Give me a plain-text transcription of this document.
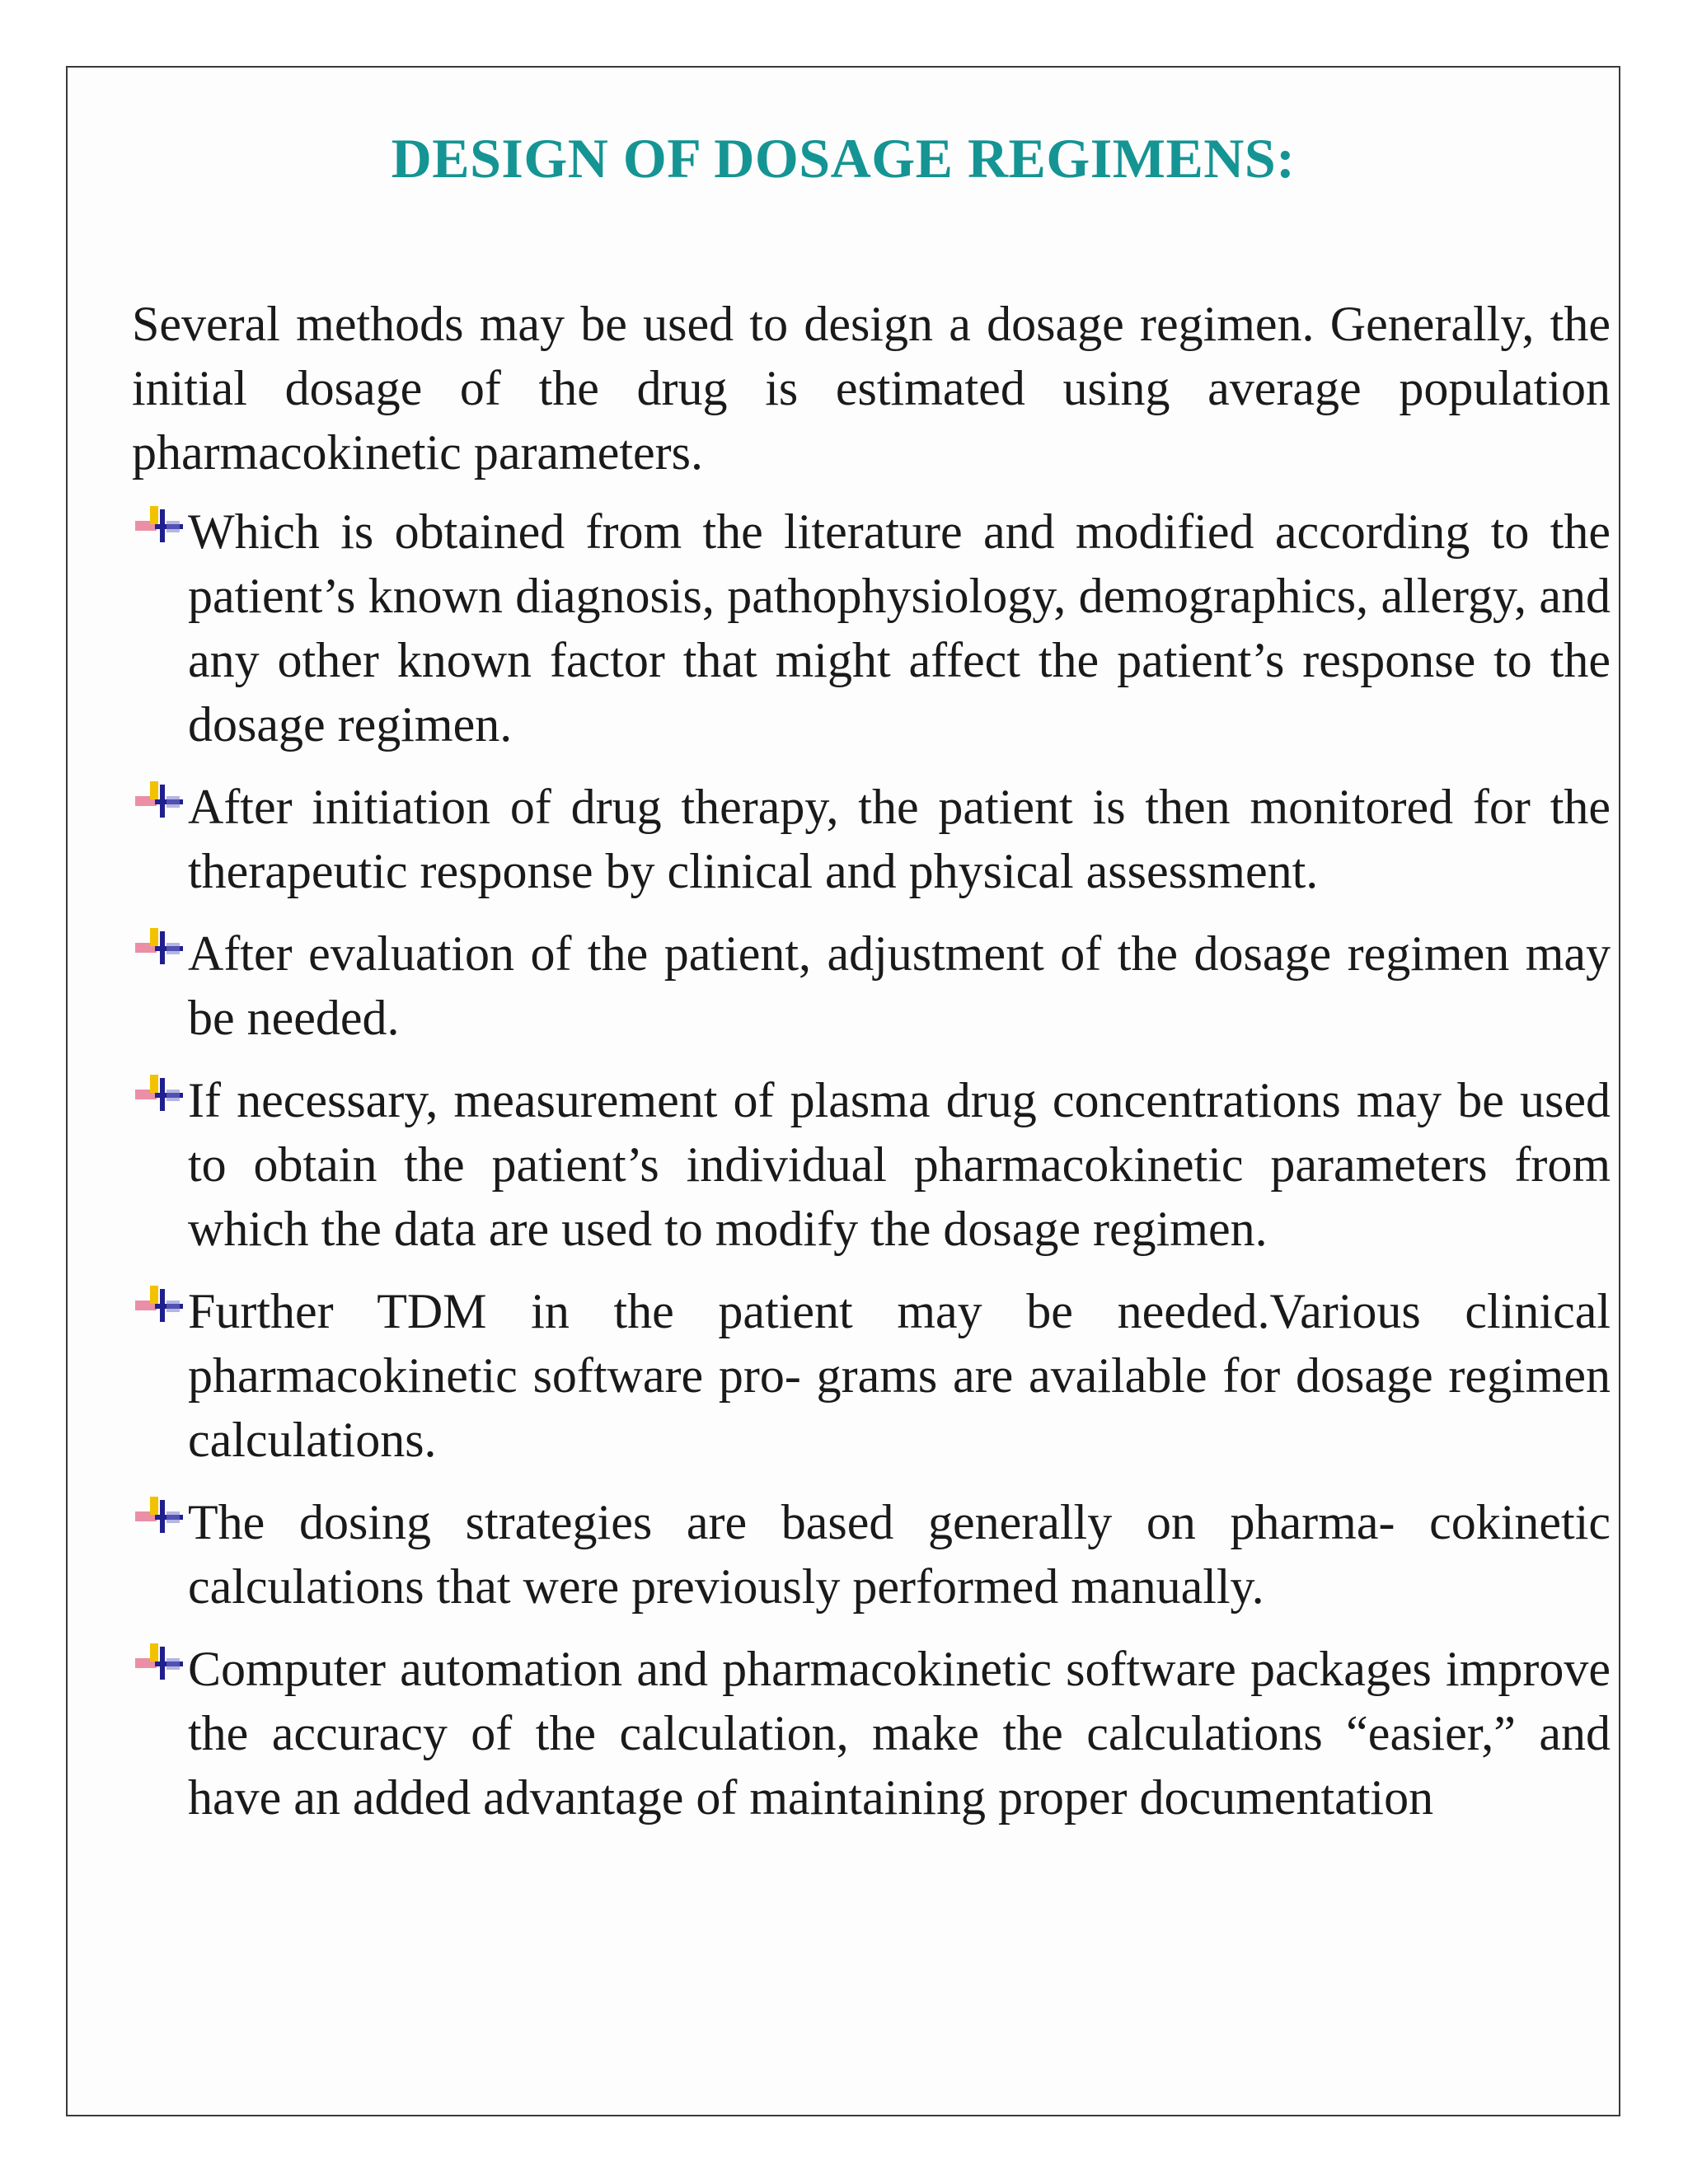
DESIGN OF DOSAGE REGIMENS:

Several methods may be used to design a dosage regimen. Generally, the initial dosage of the drug is estimated using average population pharmacokinetic parameters.

Which is obtained from the literature and modified according to the patient’s known diagnosis, pathophysiology, demographics, allergy, and any other known factor that might affect the patient’s response to the dosage regimen.
After initiation of drug therapy, the patient is then monitored for the therapeutic response by clinical and physical assessment.
After evaluation of the patient, adjustment of the dosage regimen may be needed.
If necessary, measurement of plasma drug concentrations may be used to obtain the patient’s individual pharmacokinetic parameters from which the data are used to modify the dosage regimen.
Further TDM in the patient may be needed.Various clinical pharmacokinetic software pro- grams are available for dosage regimen calculations.
The dosing strategies are based generally on pharma- cokinetic calculations that were previously performed manually.
Computer automation and pharmacokinetic software packages improve the accuracy of the calculation, make the calculations “easier,” and have an added advantage of maintaining proper documentation
